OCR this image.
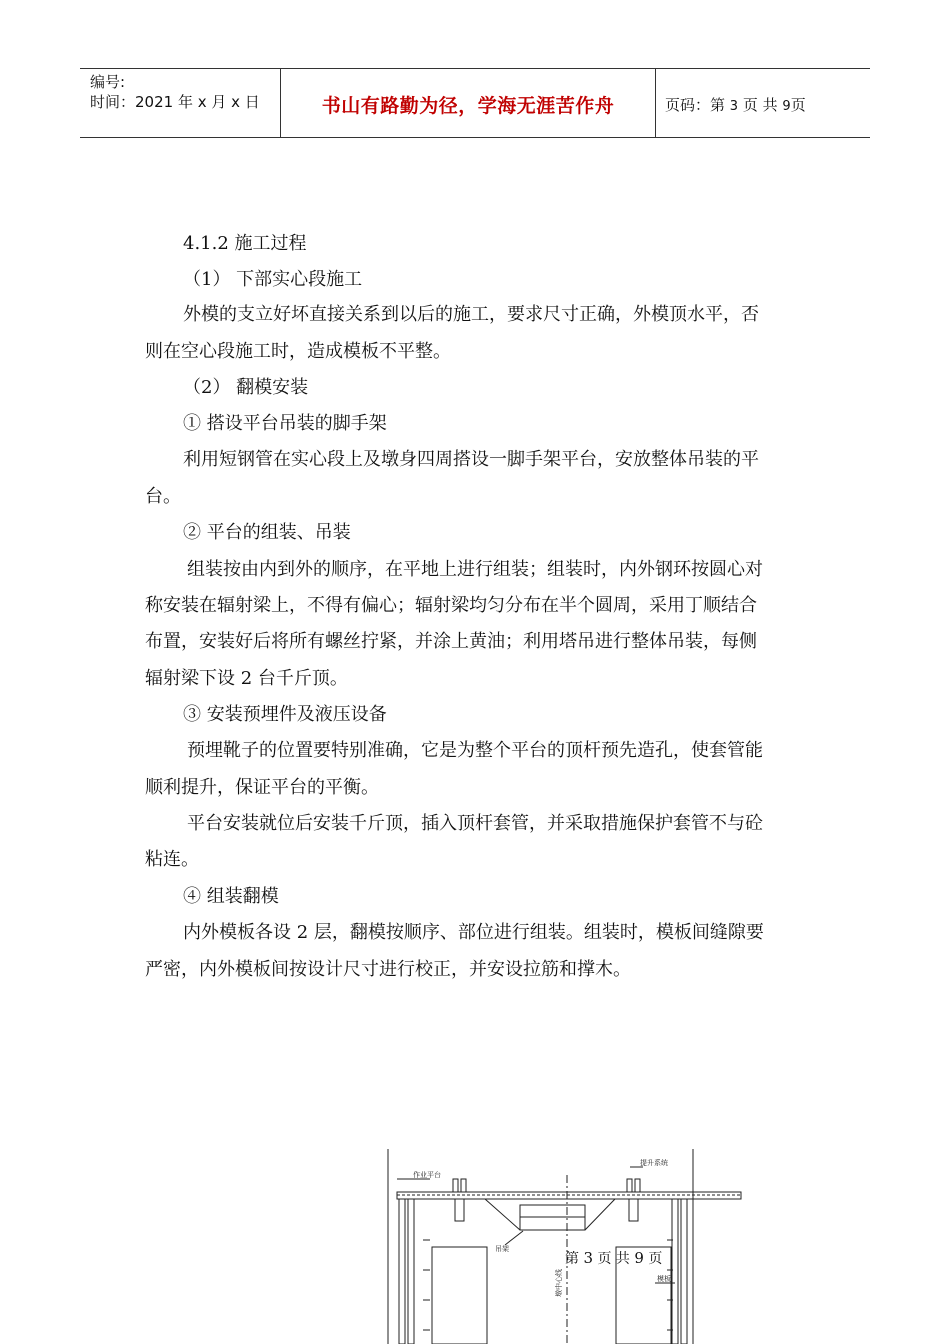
编号:
时间：2021 年 x 月 x 日	书山有路勤为径，学海无涯苦作舟	页码：第 3 页 共 9页
4.1.2 施工过程
（1） 下部实心段施工
外模的支立好坏直接关系到以后的施工，要求尺寸正确，外模顶水平，否
则在空心段施工时，造成模板不平整。
（2） 翻模安装
① 搭设平台吊装的脚手架
利用短钢管在实心段上及墩身四周搭设一脚手架平台，安放整体吊装的平
台。
② 平台的组装、吊装
组装按由内到外的顺序，在平地上进行组装；组装时，内外钢环按圆心对
称安装在辐射梁上，不得有偏心；辐射梁均匀分布在半个圆周，采用丁顺结合
布置，安装好后将所有螺丝拧紧，并涂上黄油；利用塔吊进行整体吊装，每侧
辐射梁下设 2 台千斤顶。
③ 安装预埋件及液压设备
预埋靴子的位置要特别准确，它是为整个平台的顶杆预先造孔，使套管能
顺利提升，保证平台的平衡。
平台安装就位后安装千斤顶，插入顶杆套管，并采取措施保护套管不与砼
粘连。
④ 组装翻模
内外模板各设 2 层，翻模按顺序、部位进行组装。组装时，模板间缝隙要
严密，内外模板间按设计尺寸进行校正，并安设拉筋和撑木。
作业平台
提升系统
吊架
模板
墩中心线
第 3 页 共 9 页
